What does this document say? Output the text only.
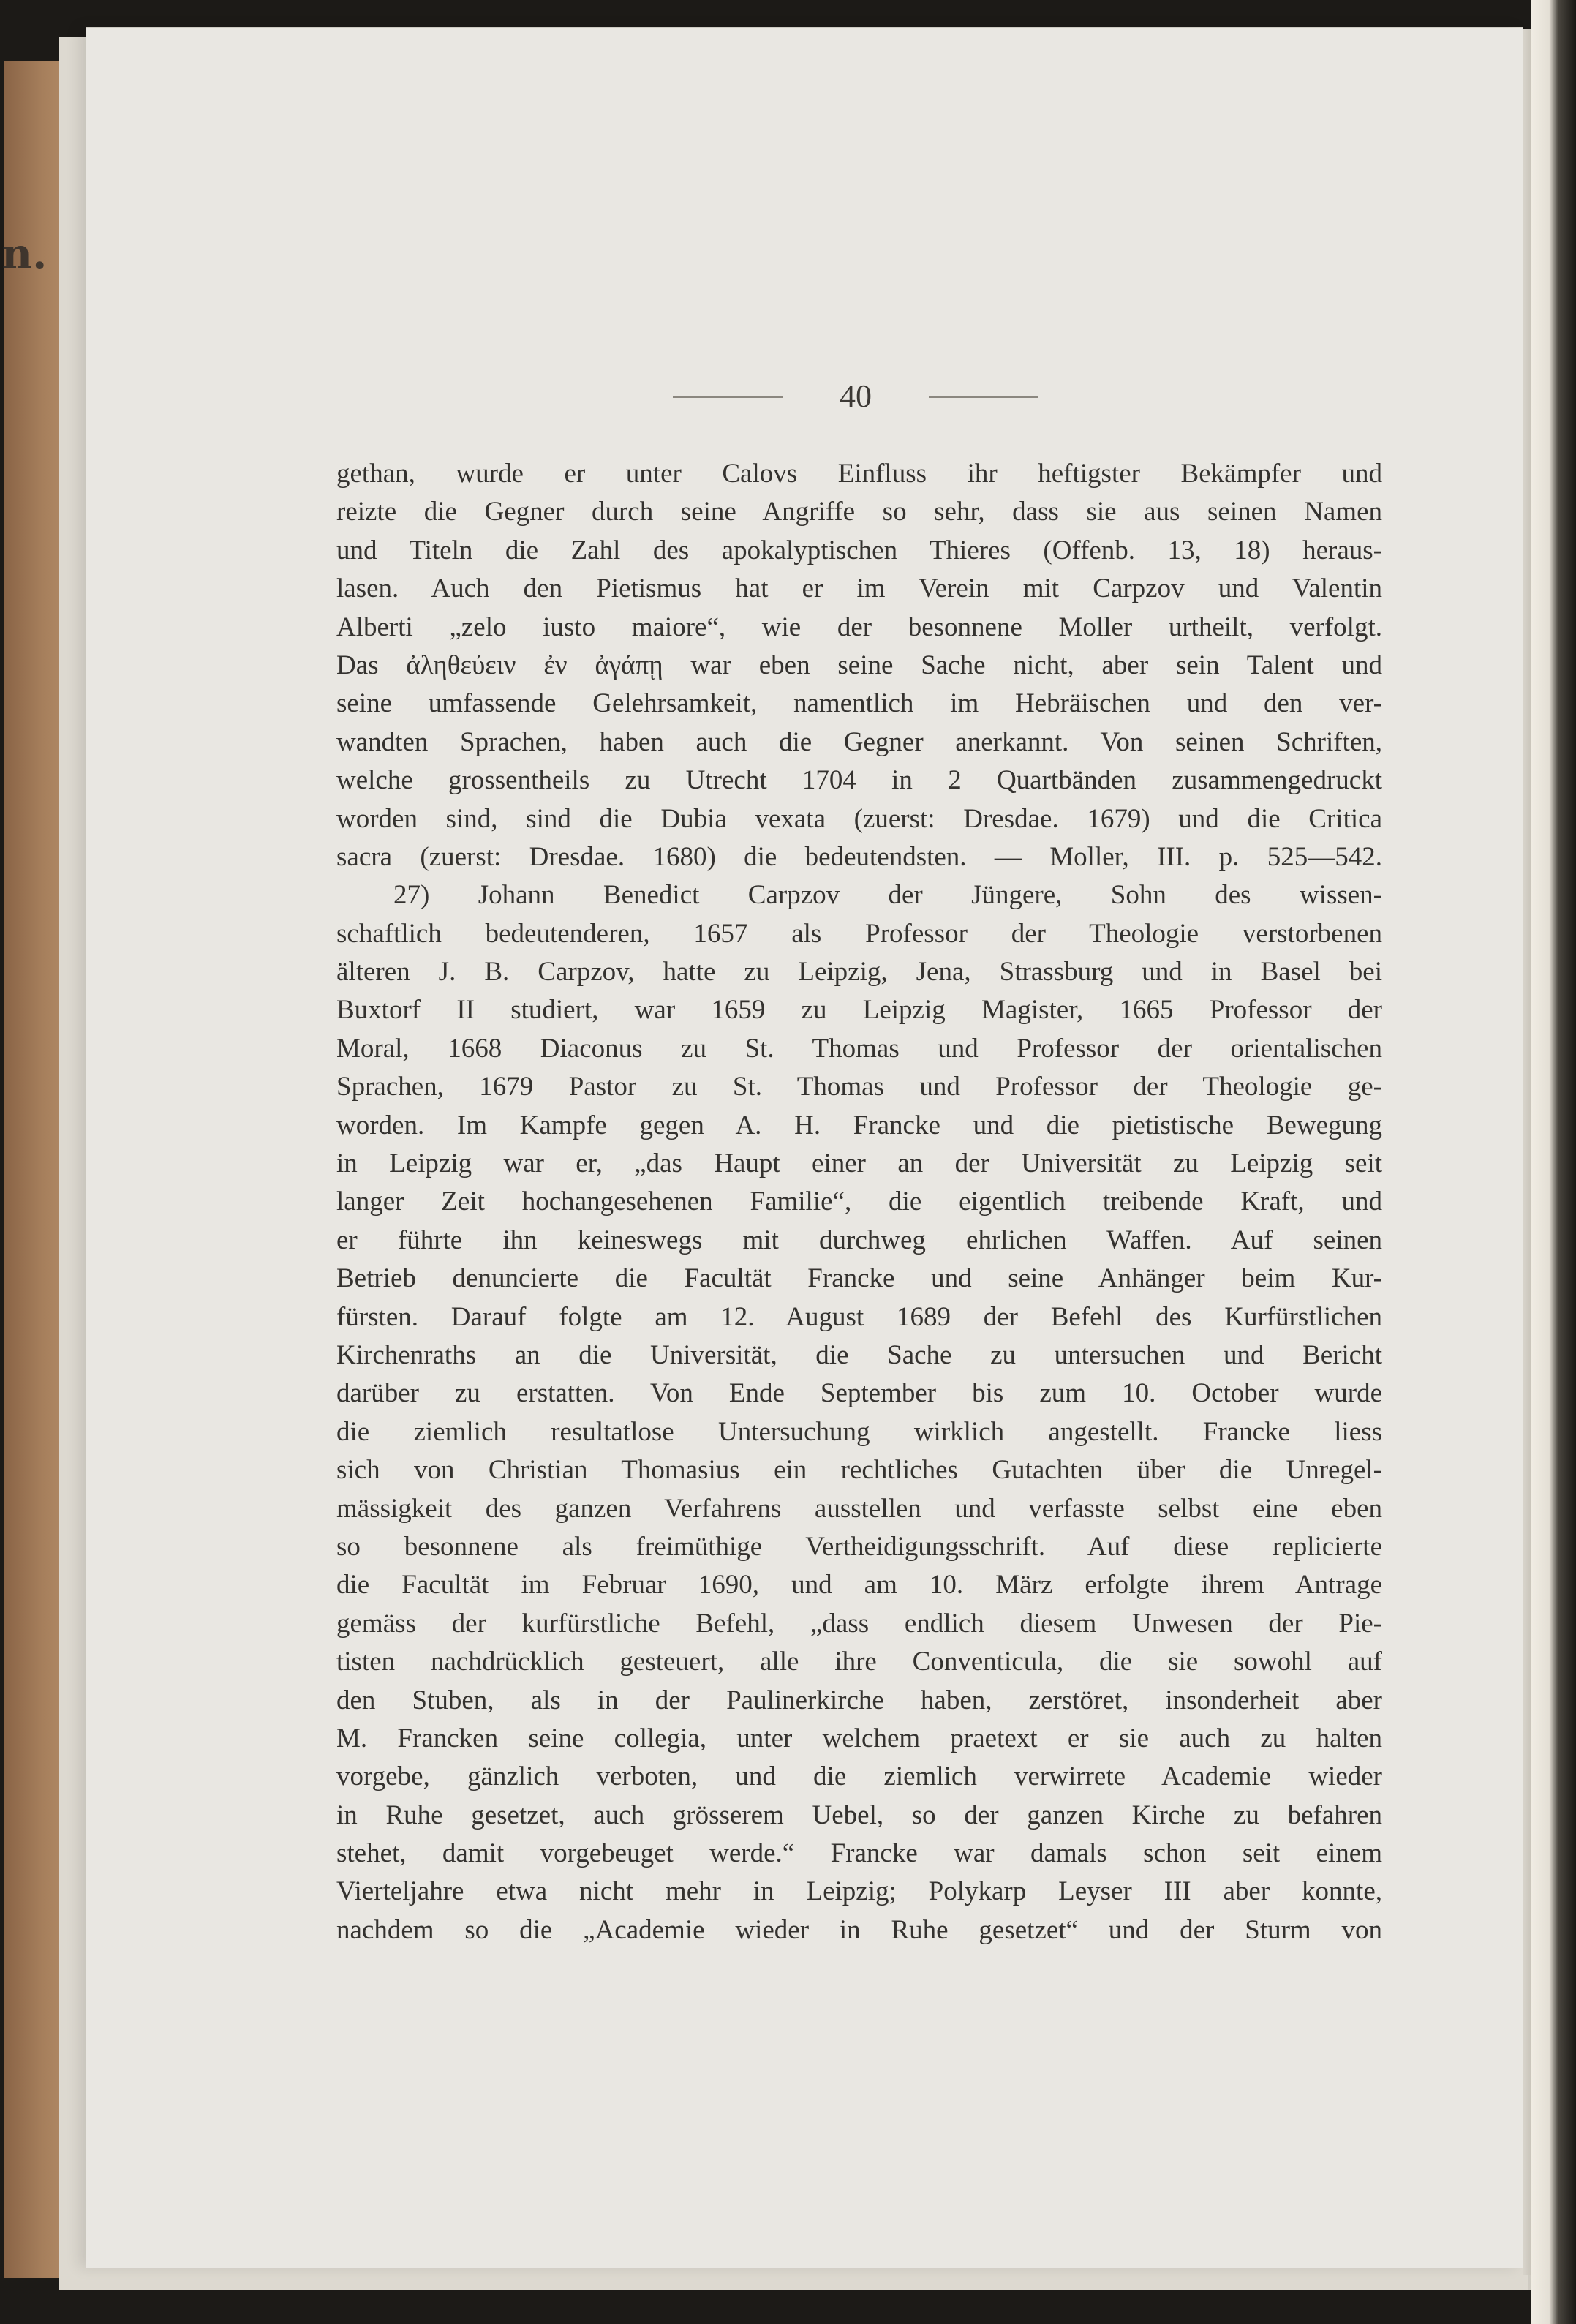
n.
40
gethan, wurde er unter Calovs Einfluss ihr heftigster Bekämpfer und
reizte die Gegner durch seine Angriffe so sehr, dass sie aus seinen Namen
und Titeln die Zahl des apokalyptischen Thieres (Offenb. 13, 18) heraus-
lasen. Auch den Pietismus hat er im Verein mit Carpzov und Valentin
Alberti „zelo iusto maiore“, wie der besonnene Moller urtheilt, verfolgt.
Das ἀληθεύειν ἐν ἀγάπῃ war eben seine Sache nicht, aber sein Talent und
seine umfassende Gelehrsamkeit, namentlich im Hebräischen und den ver-
wandten Sprachen, haben auch die Gegner anerkannt. Von seinen Schriften,
welche grossentheils zu Utrecht 1704 in 2 Quartbänden zusammengedruckt
worden sind, sind die Dubia vexata (zuerst: Dresdae. 1679) und die Critica
sacra (zuerst: Dresdae. 1680) die bedeutendsten. — Moller, III. p. 525—542.
27) Johann Benedict Carpzov der Jüngere, Sohn des wissen-
schaftlich bedeutenderen, 1657 als Professor der Theologie verstorbenen
älteren J. B. Carpzov, hatte zu Leipzig, Jena, Strassburg und in Basel bei
Buxtorf II studiert, war 1659 zu Leipzig Magister, 1665 Professor der
Moral, 1668 Diaconus zu St. Thomas und Professor der orientalischen
Sprachen, 1679 Pastor zu St. Thomas und Professor der Theologie ge-
worden. Im Kampfe gegen A. H. Francke und die pietistische Bewegung
in Leipzig war er, „das Haupt einer an der Universität zu Leipzig seit
langer Zeit hochangesehenen Familie“, die eigentlich treibende Kraft, und
er führte ihn keineswegs mit durchweg ehrlichen Waffen. Auf seinen
Betrieb denuncierte die Facultät Francke und seine Anhänger beim Kur-
fürsten. Darauf folgte am 12. August 1689 der Befehl des Kurfürstlichen
Kirchenraths an die Universität, die Sache zu untersuchen und Bericht
darüber zu erstatten. Von Ende September bis zum 10. October wurde
die ziemlich resultatlose Untersuchung wirklich angestellt. Francke liess
sich von Christian Thomasius ein rechtliches Gutachten über die Unregel-
mässigkeit des ganzen Verfahrens ausstellen und verfasste selbst eine eben
so besonnene als freimüthige Vertheidigungsschrift. Auf diese replicierte
die Facultät im Februar 1690, und am 10. März erfolgte ihrem Antrage
gemäss der kurfürstliche Befehl, „dass endlich diesem Unwesen der Pie-
tisten nachdrücklich gesteuert, alle ihre Conventicula, die sie sowohl auf
den Stuben, als in der Paulinerkirche haben, zerstöret, insonderheit aber
M. Francken seine collegia, unter welchem praetext er sie auch zu halten
vorgebe, gänzlich verboten, und die ziemlich verwirrete Academie wieder
in Ruhe gesetzet, auch grösserem Uebel, so der ganzen Kirche zu befahren
stehet, damit vorgebeuget werde.“ Francke war damals schon seit einem
Vierteljahre etwa nicht mehr in Leipzig; Polykarp Leyser III aber konnte,
nachdem so die „Academie wieder in Ruhe gesetzet“ und der Sturm von
